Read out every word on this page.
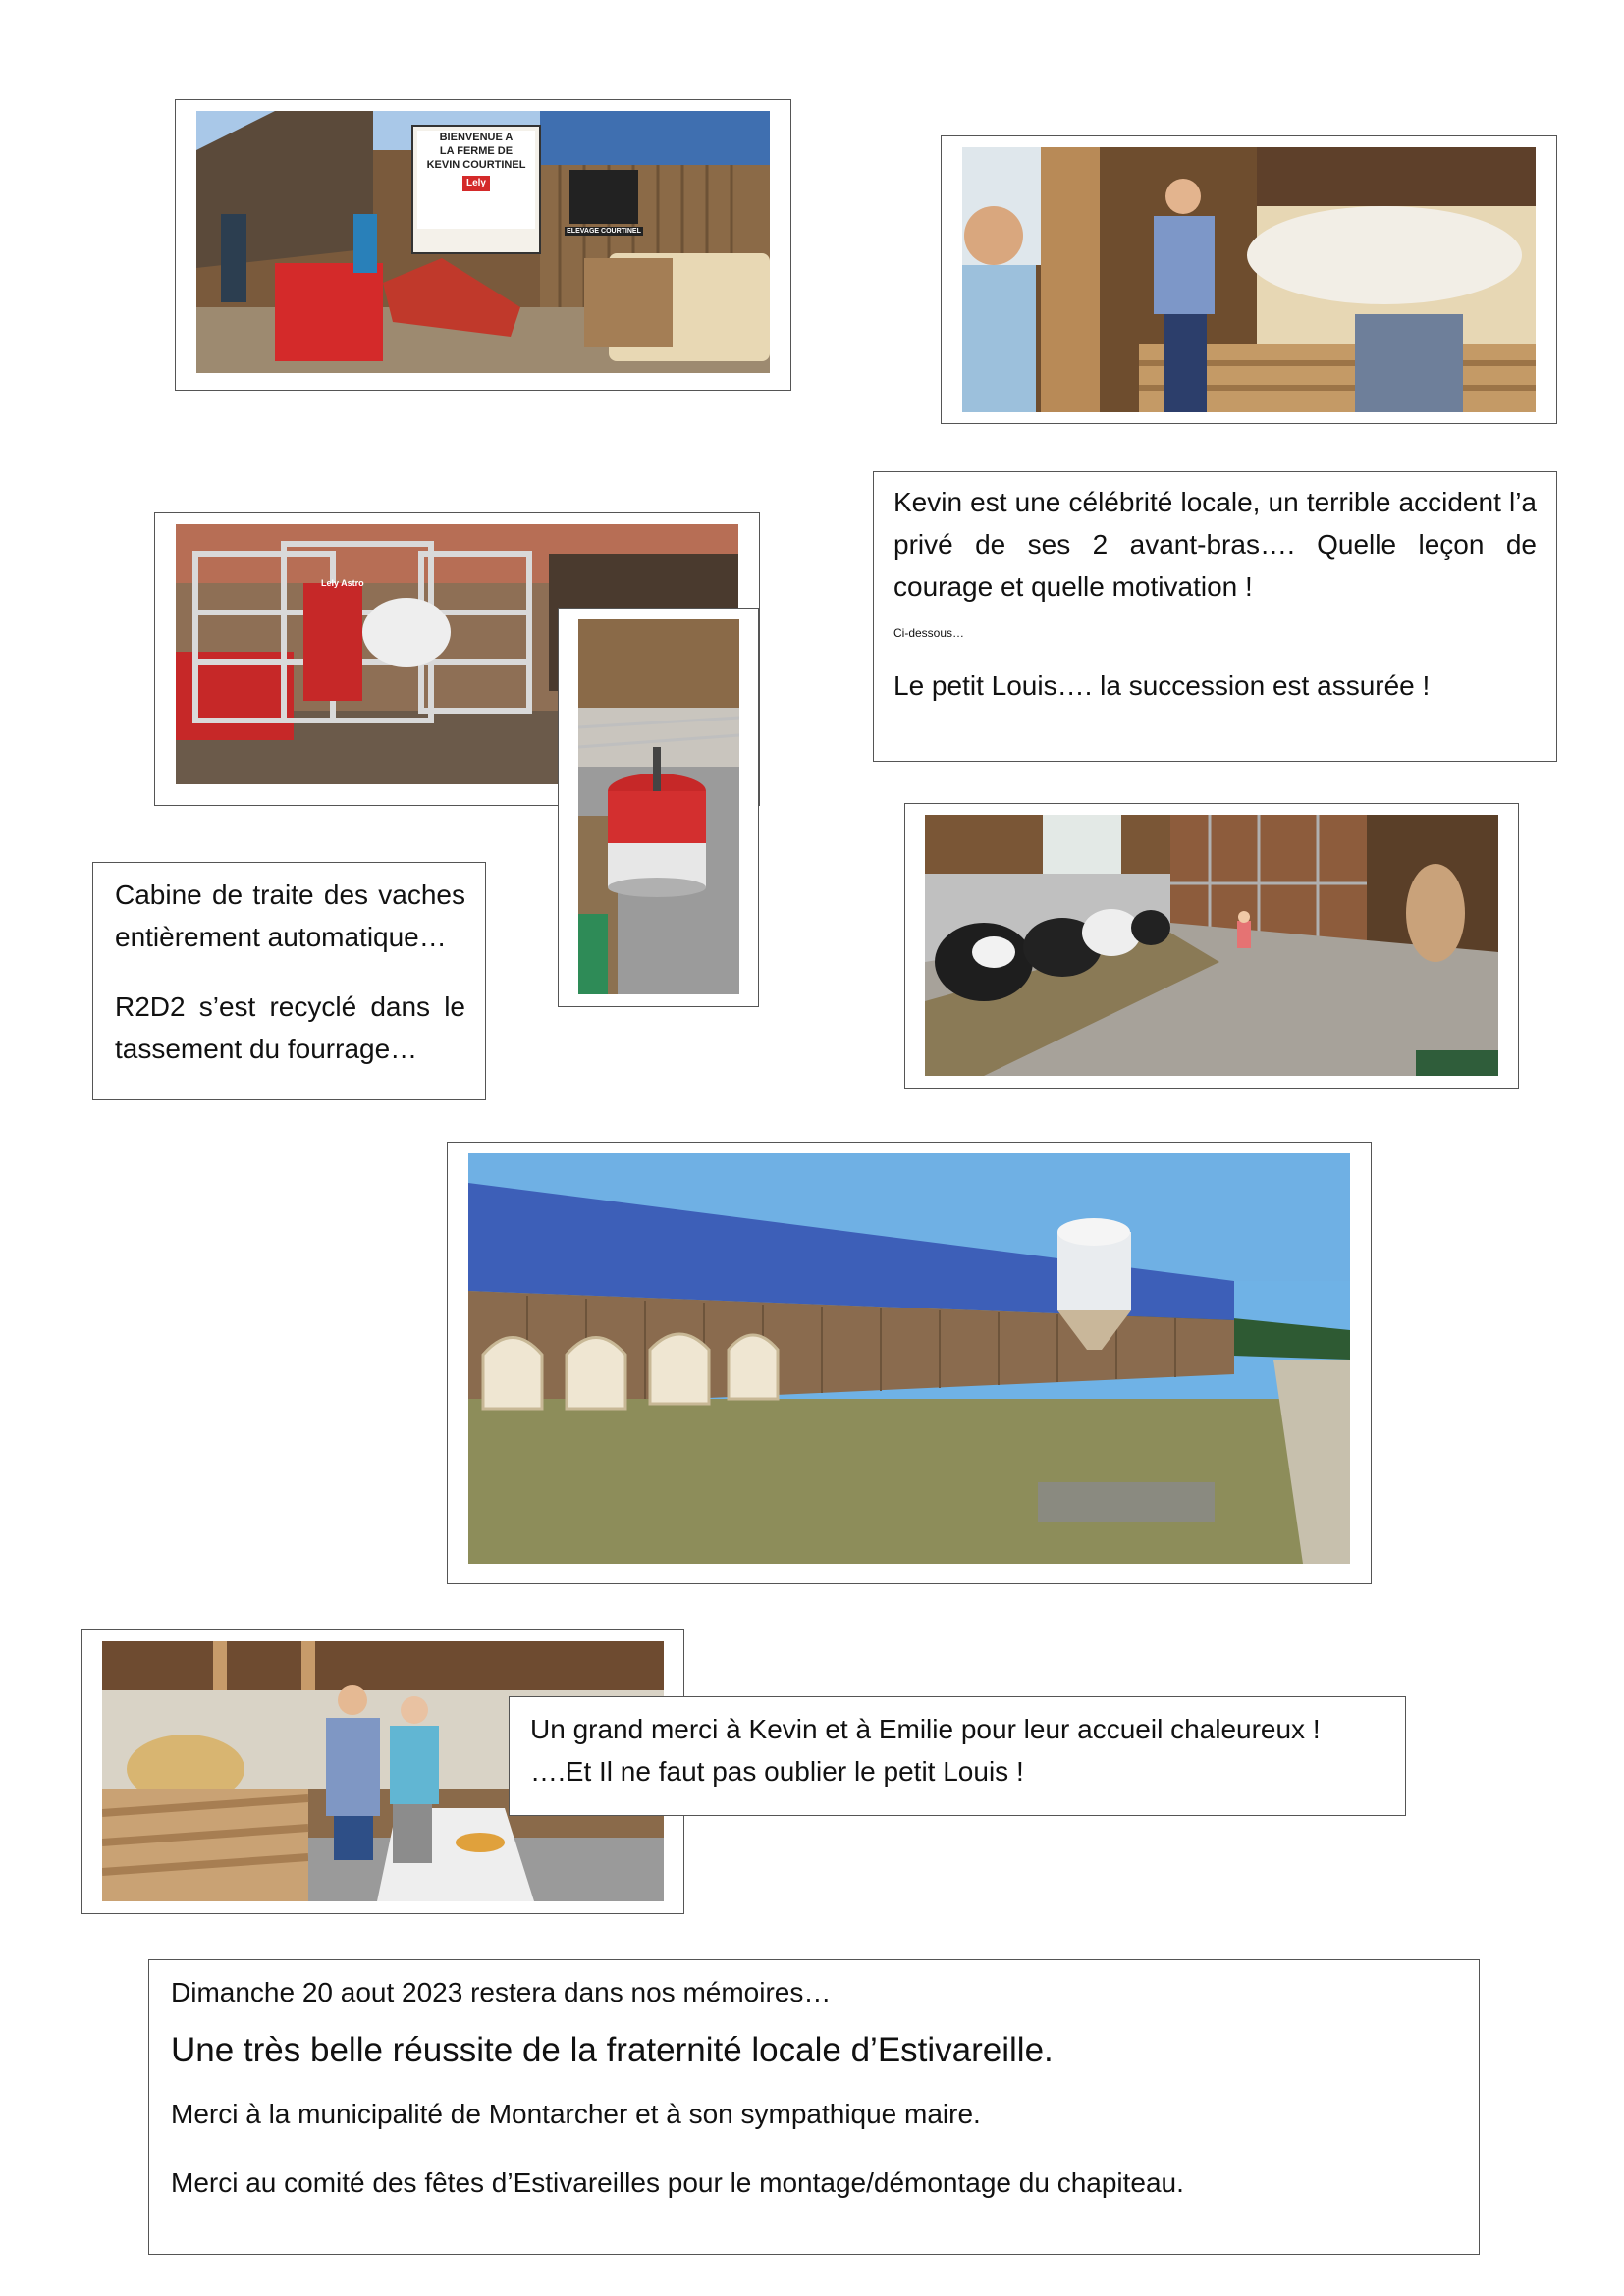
BIENVENUE A
LA FERME DE
KEVIN COURTINEL
Lely
ELEVAGE COURTINEL

Kevin est une célébrité locale, un terrible accident l’a privé de ses 2 avant-bras…. Quelle leçon de courage et quelle motivation !

Ci-dessous…

Le petit Louis…. la succession est assurée !

Lely Astro

Cabine de traite des vaches entièrement automatique…

R2D2 s’est recyclé dans le tassement du fourrage…

Un grand merci à Kevin et à Emilie pour leur accueil chaleureux ! ….Et Il ne faut pas oublier le petit Louis !

Dimanche 20 aout 2023 restera dans nos mémoires…

Une très belle réussite de la fraternité locale d’Estivareille.

Merci à la municipalité de Montarcher et à son sympathique maire.

Merci au comité des fêtes d’Estivareilles pour le montage/démontage du chapiteau.
